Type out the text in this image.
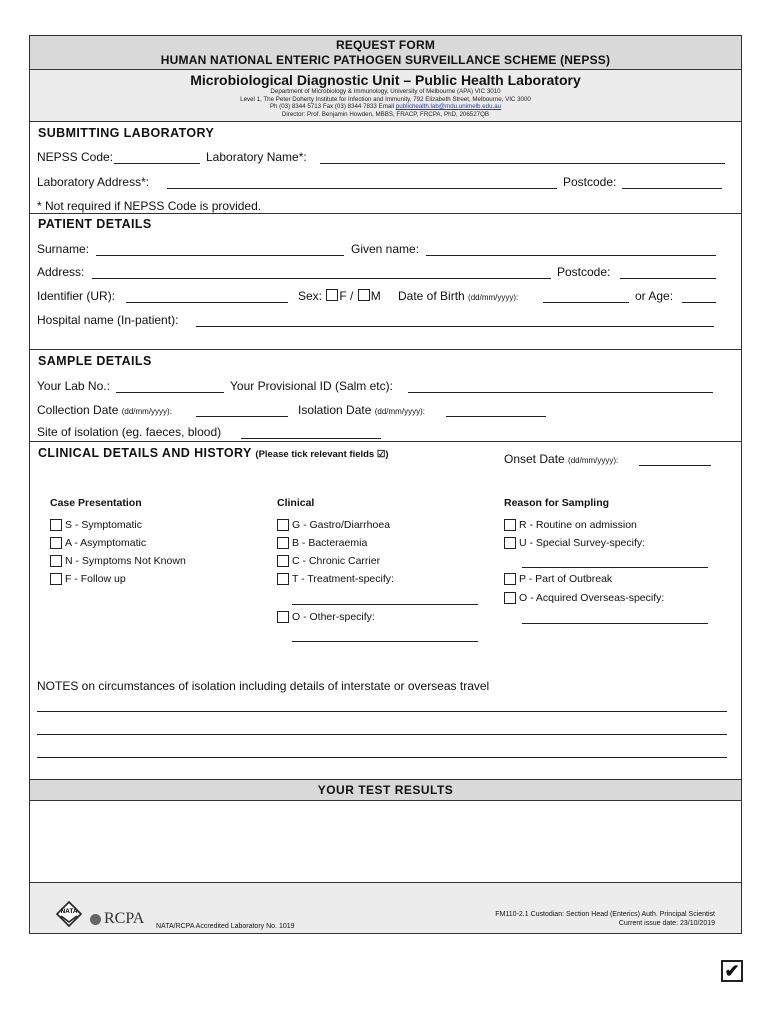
REQUEST FORM
HUMAN NATIONAL ENTERIC PATHOGEN SURVEILLANCE SCHEME (NEPSS)
Microbiological Diagnostic Unit – Public Health Laboratory
Department of Microbiology & Immunology, University of Melbourne (APA) VIC 3010
Level 1, The Peter Doherty Institute for Infection and Immunity, 792 Elizabeth Street, Melbourne, VIC 3000
Ph (03) 8344 5713 Fax (03) 8344 7833 Email publichealth.lab@mdu.unimelb.edu.au
Director: Prof. Benjamin Howden, MBBS, FRACP, FRCPA, PhD, 206527QB
SUBMITTING LABORATORY
NEPSS Code:	Laboratory Name*:
Laboratory Address*:	Postcode:
* Not required if NEPSS Code is provided.
PATIENT DETAILS
Surname:	Given name:
Address:	Postcode:
Identifier (UR):	Sex: F / M Date of Birth (dd/mm/yyyy):	or Age:
Hospital name (In-patient):
SAMPLE DETAILS
Your Lab No.:	Your Provisional ID (Salm etc):
Collection Date (dd/mm/yyyy):	Isolation Date (dd/mm/yyyy):
Site of isolation (eg. faeces, blood)
CLINICAL DETAILS AND HISTORY (Please tick relevant fields ☑)	Onset Date (dd/mm/yyyy):
Case Presentation
S - Symptomatic
A - Asymptomatic
N - Symptoms Not Known
F - Follow up
Clinical
G - Gastro/Diarrhoea
B - Bacteraemia
C - Chronic Carrier
T - Treatment-specify:
O - Other-specify:
Reason for Sampling
R - Routine on admission
U - Special Survey-specify:
P - Part of Outbreak
O - Acquired Overseas-specify:
NOTES on circumstances of isolation including details of interstate or overseas travel
YOUR TEST RESULTS
NATA RCPA NATA/RCPA Accredited Laboratory No. 1019
FM110-2.1 Custodian: Section Head (Enterics) Auth. Principal Scientist
Current issue date: 23/10/2019
✔
